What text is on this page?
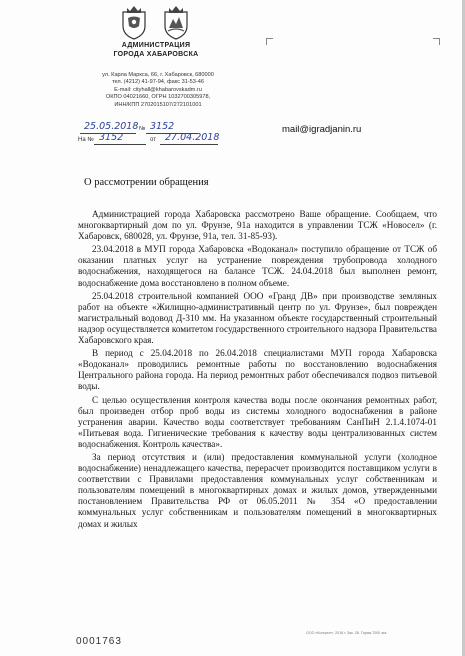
АДМИНИСТРАЦИЯ
ГОРОДА ХАБАРОВСКА
ул. Карла Маркса, 66, г. Хабаровск, 680000
тел. (4212) 41-97-94, факс 31-53-46
E-mail: cityhall@khabarovskadm.ru
ОКПО 04021660, ОГРН 1032700305978,
ИНН/КПП 2702015107/272101001
25.05.2018 № 3152
На № 3152	от 27.04.2018
mail@igradjanin.ru
О рассмотрении обращения

Администрацией города Хабаровска рассмотрено Ваше обращение. Сообщаем, что многоквартирный дом по ул. Фрунзе, 91а находится в управлении ТСЖ «Новосел» (г. Хабаровск, 680028, ул. Фрунзе, 91а, тел. 31-85-93).

23.04.2018 в МУП города Хабаровска «Водоканал» поступило обращение от ТСЖ об оказании платных услуг на устранение повреждения трубопровода холодного водоснабжения, находящегося на балансе ТСЖ. 24.04.2018 был выполнен ремонт, водоснабжение дома восстановлено в полном объеме.

25.04.2018 строительной компанией ООО «Гранд ДВ» при производстве земляных работ на объекте «Жилищно-административный центр по ул. Фрунзе», был поврежден магистральный водовод Д-310 мм. На указанном объекте государственный строительный надзор осуществляется комитетом государственного строительного надзора Правительства Хабаровского края.

В период с 25.04.2018 по 26.04.2018 специалистами МУП города Хабаровска «Водоканал» проводились ремонтные работы по восстановлению водоснабжения Центрального района города. На период ремонтных работ обеспечивался подвоз питьевой воды.

С целью осуществления контроля качества воды после окончания ремонтных работ, был произведен отбор проб воды из системы холодного водоснабжения в районе устранения аварии. Качество воды соответствует требованиям СанПиН 2.1.4.1074-01 «Питьевая вода. Гигиенические требования к качеству воды централизованных систем водоснабжения. Контроль качества».

За период отсутствия и (или) предоставления коммунальной услуги (холодное водоснабжение) ненадлежащего качества, перерасчет производится поставщиком услуги в соответствии с Правилами предоставления коммунальных услуг собственникам и пользователям помещений в многоквартирных домах и жилых домов, утвержденными постановлением Правительства РФ от 06.05.2011 № 354 «О предоставлении коммунальных услуг собственникам и пользователям помещений в многоквартирных домах и жилых

0001763
ООО «Колорит», 2018 г. Зак. 28. Тираж 7000 экз.
